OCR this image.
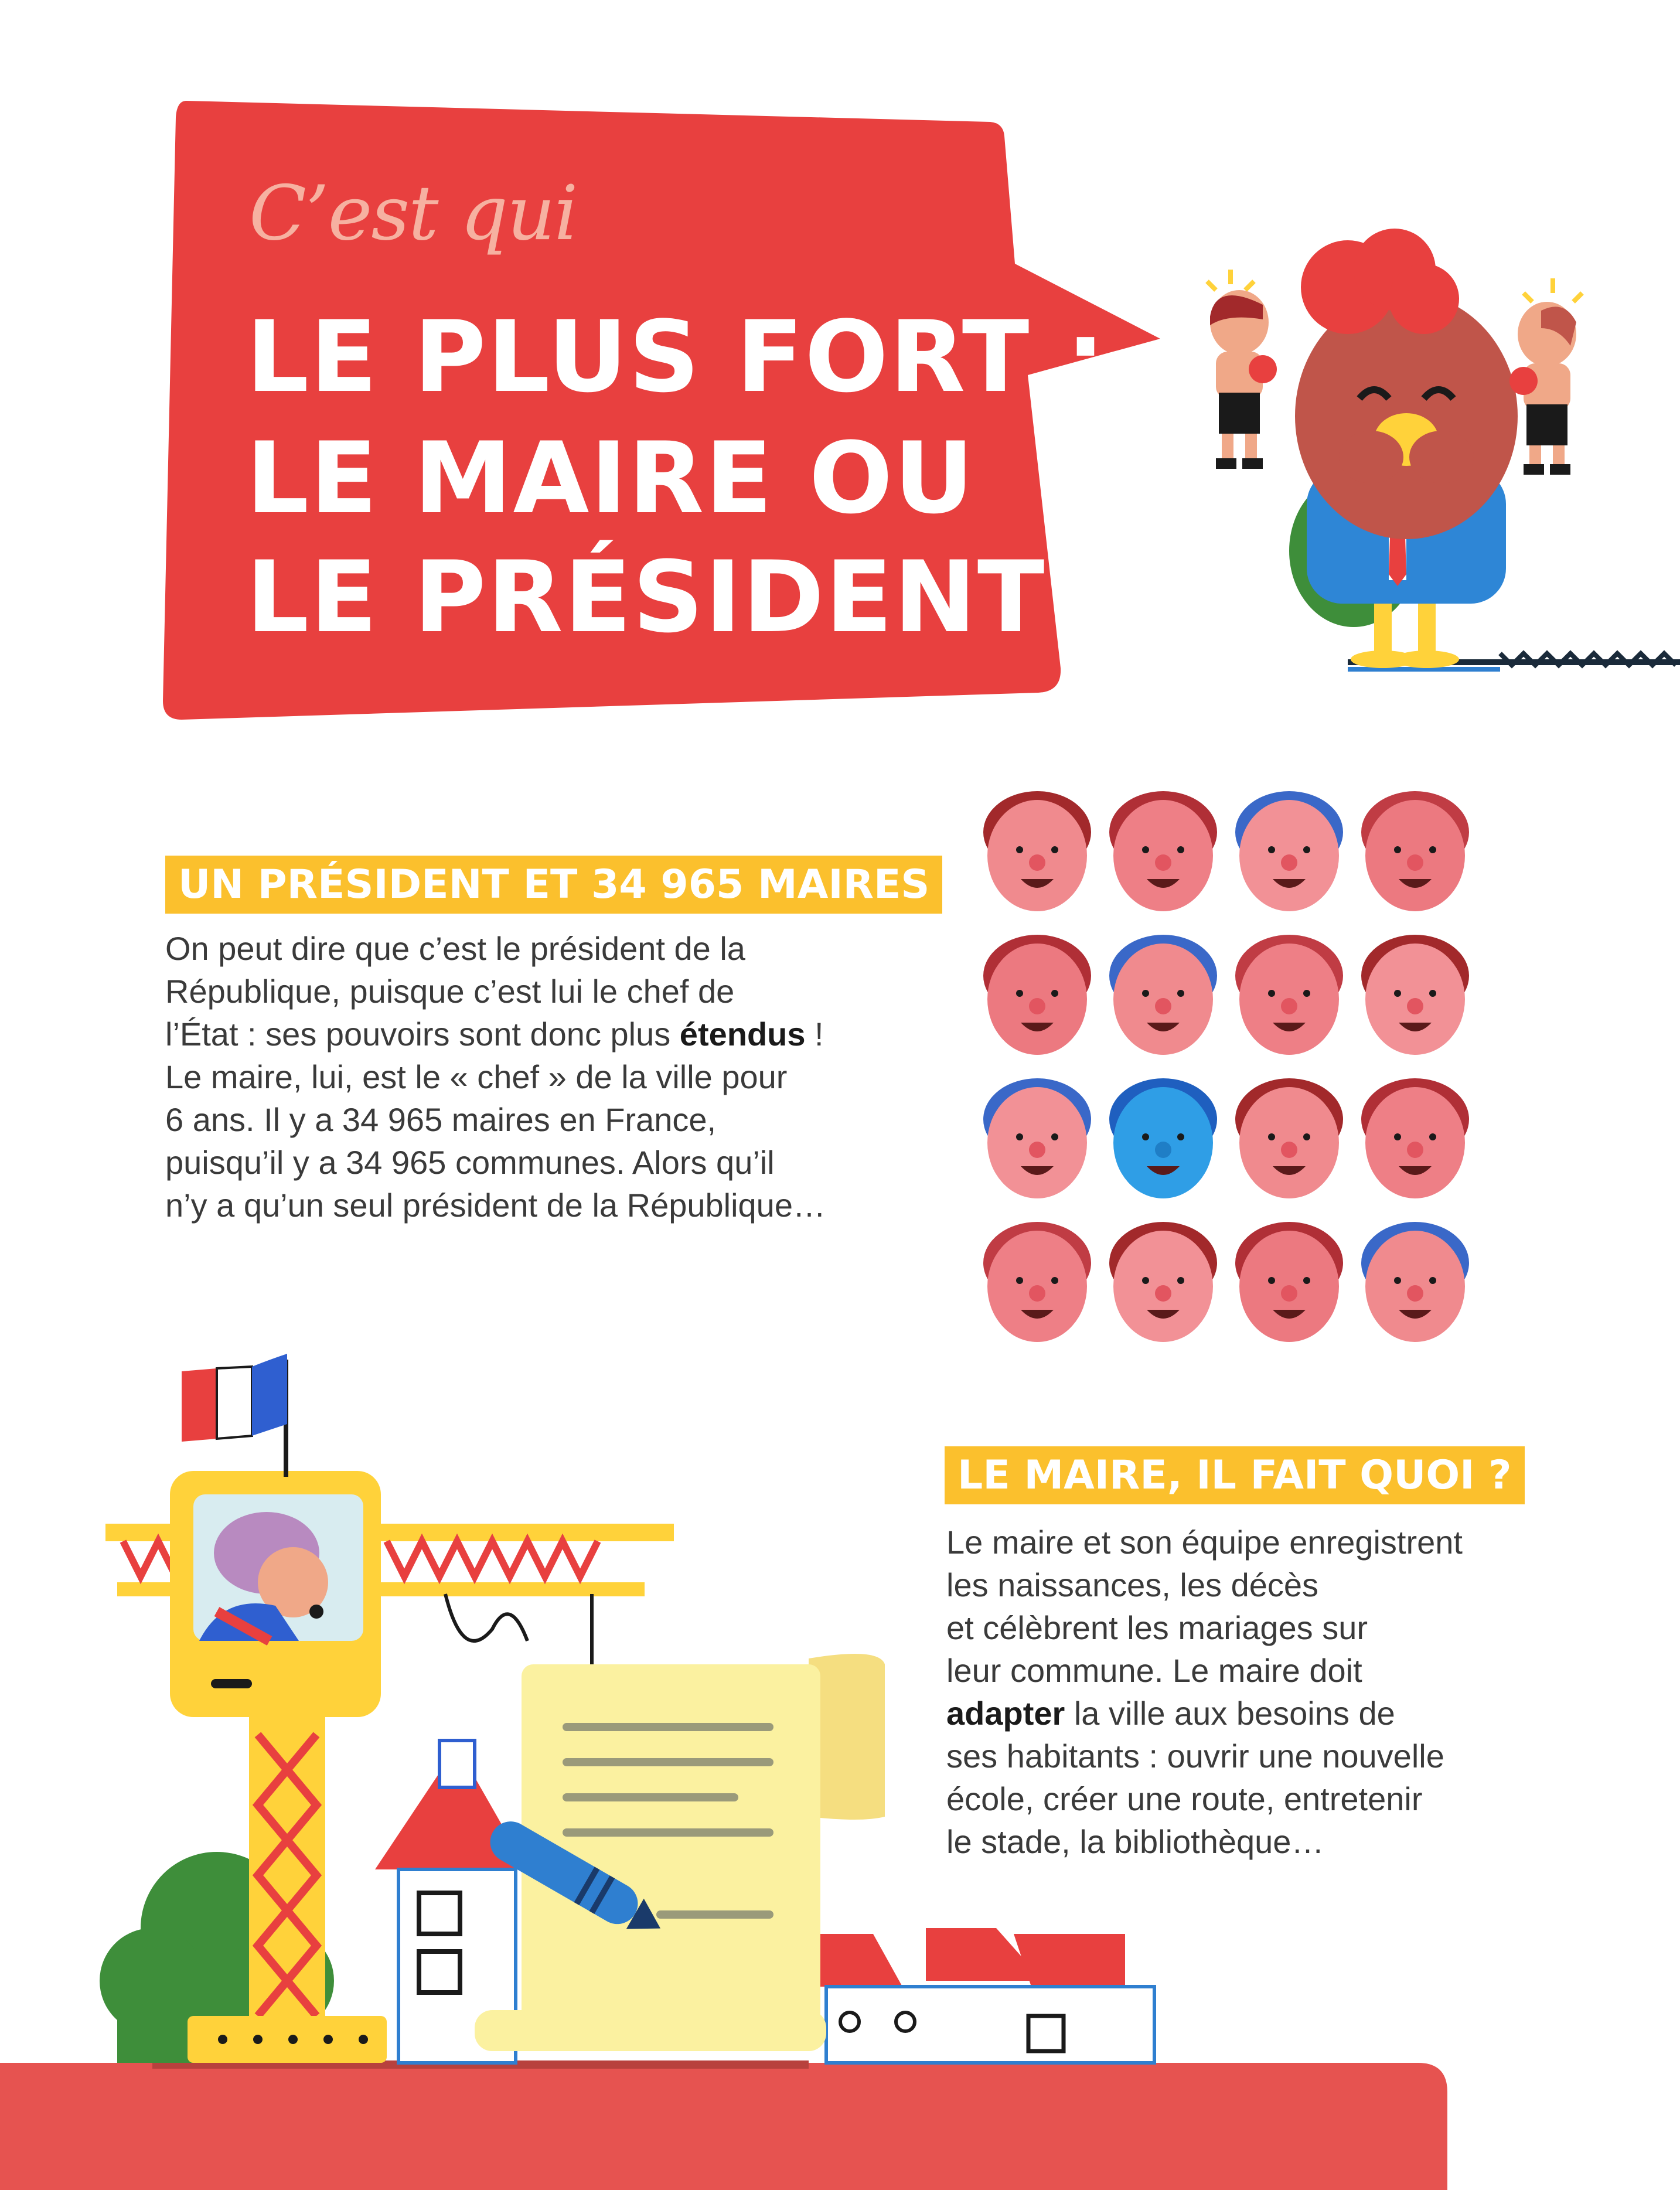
C’est qui
LE PLUS FORT :
LE MAIRE OU
LE PRÉSIDENT ?
UN PRÉSIDENT ET 34 965 MAIRES
On peut dire que c’est le président de la
République, puisque c’est lui le chef de
l’État : ses pouvoirs sont donc plus étendus !
Le maire, lui, est le « chef » de la ville pour
6 ans. Il y a 34 965 maires en France,
puisqu’il y a 34 965 communes. Alors qu’il
n’y a qu’un seul président de la République…
LE MAIRE, IL FAIT QUOI ?
Le maire et son équipe enregistrent
les naissances, les décès
et célèbrent les mariages sur
leur commune. Le maire doit
adapter la ville aux besoins de
ses habitants : ouvrir une nouvelle
école, créer une route, entretenir
le stade, la bibliothèque…
